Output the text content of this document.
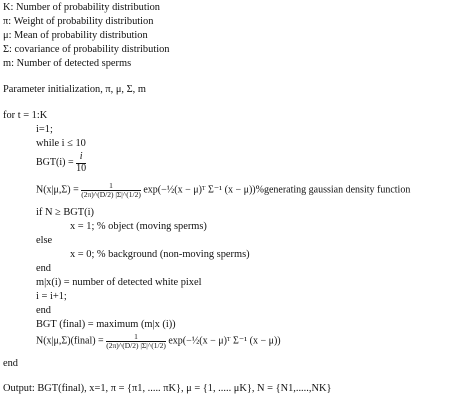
K: Number of probability distribution
π: Weight of probability distribution
μ: Mean of probability distribution
Σ: covariance of probability distribution
m: Number of detected sperms
Parameter initialization, π, μ, Σ, m
for t = 1:K
i=1;
while i ≤ 10
$BGT(i) = \frac{i}{10}$
$N(x|\mu,\Sigma) = \frac{1}{(2\pi)\^{}(D/2) |\Sigma|\^{}(1/2)}$ exp(−½(x − μ)ᵀ Σ⁻¹ (x − μ))%generating gaussian density function
if N ≥ BGT(i)
x = 1; % object (moving sperms)
else
x = 0; % background (non-moving sperms)
end
m|x(i) = number of detected white pixel
i = i+1;
end
BGT (final) = maximum (m|x (i))
N(x|μ,Σ)(final) = $\frac{1}{(2\pi)\^{}(D/2) |\Sigma|\^{}(1/2)}$ exp(−½(x − μ)ᵀ Σ⁻¹ (x − μ))
end
Output: BGT(final), x=1, π = {π1, ..... πK}, μ = {1, ..... μK}, N = {N1,.....,NK}
